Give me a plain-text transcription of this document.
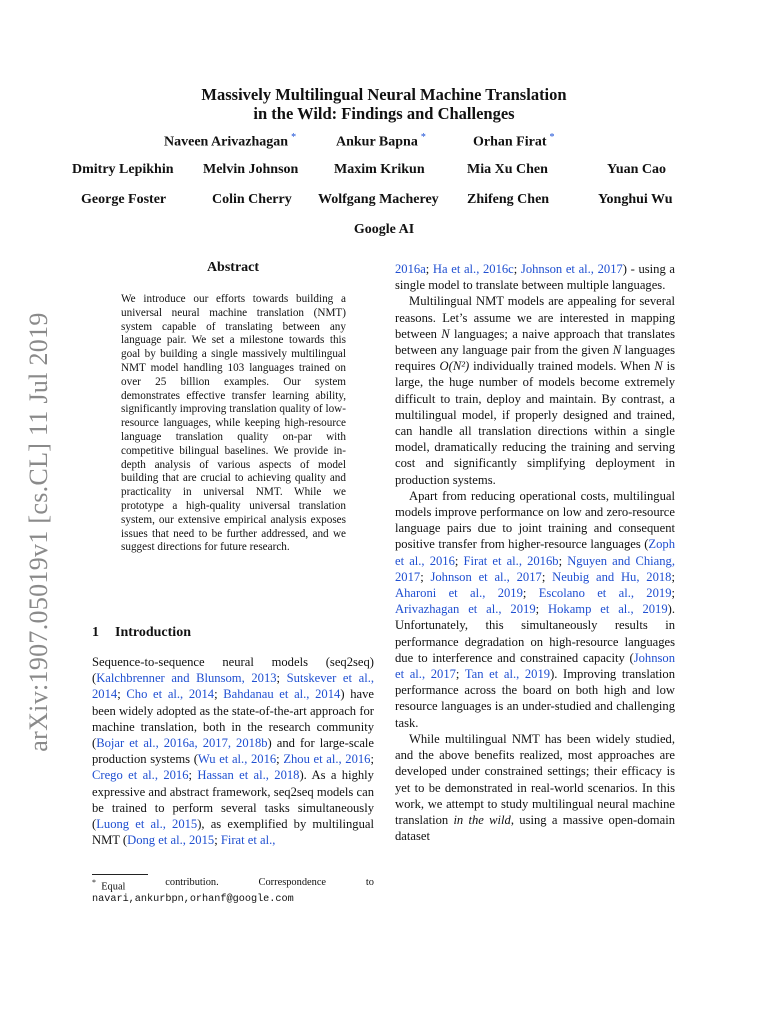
arXiv:1907.05019v1 [cs.CL] 11 Jul 2019
Massively Multilingual Neural Machine Translation
in the Wild: Findings and Challenges
Naveen Arivazhagan *	Ankur Bapna *	Orhan Firat *
Dmitry Lepikhin Melvin Johnson	Maxim Krikun	Mia Xu Chen	Yuan Cao
George Foster	Colin Cherry Wolfgang Macherey Zhifeng Chen	Yonghui Wu
Google AI
Abstract
We introduce our efforts towards building a universal neural machine translation (NMT) system capable of translating between any language pair. We set a milestone towards this goal by building a single massively multilingual NMT model handling 103 languages trained on over 25 billion examples. Our system demonstrates effective transfer learning ability, significantly improving translation quality of low-resource languages, while keeping high-resource language translation quality on-par with competitive bilingual baselines. We provide in-depth analysis of various aspects of model building that are crucial to achieving quality and practicality in universal NMT. While we prototype a high-quality universal translation system, our extensive empirical analysis exposes issues that need to be further addressed, and we suggest directions for future research.
1 Introduction

Sequence-to-sequence neural models (seq2seq) (Kalchbrenner and Blunsom, 2013; Sutskever et al., 2014; Cho et al., 2014; Bahdanau et al., 2014) have been widely adopted as the state-of-the-art approach for machine translation, both in the research community (Bojar et al., 2016a, 2017, 2018b) and for large-scale production systems (Wu et al., 2016; Zhou et al., 2016; Crego et al., 2016; Hassan et al., 2018). As a highly expressive and abstract framework, seq2seq models can be trained to perform several tasks simultaneously (Luong et al., 2015), as exemplified by multilingual NMT (Dong et al., 2015; Firat et al.,

* Equal	contribution.	Correspondence	to
navari,ankurbpn,orhanf@google.com

2016a; Ha et al., 2016c; Johnson et al., 2017) - using a single model to translate between multiple languages.

Multilingual NMT models are appealing for several reasons. Let’s assume we are interested in mapping between N languages; a naive approach that translates between any language pair from the given N languages requires O(N²) individually trained models. When N is large, the huge number of models become extremely difficult to train, deploy and maintain. By contrast, a multilingual model, if properly designed and trained, can handle all translation directions within a single model, dramatically reducing the training and serving cost and significantly simplifying deployment in production systems.

Apart from reducing operational costs, multilingual models improve performance on low and zero-resource language pairs due to joint training and consequent positive transfer from higher-resource languages (Zoph et al., 2016; Firat et al., 2016b; Nguyen and Chiang, 2017; Johnson et al., 2017; Neubig and Hu, 2018; Aharoni et al., 2019; Escolano et al., 2019; Arivazhagan et al., 2019; Hokamp et al., 2019). Unfortunately, this simultaneously results in performance degradation on high-resource languages due to interference and constrained capacity (Johnson et al., 2017; Tan et al., 2019). Improving translation performance across the board on both high and low resource languages is an under-studied and challenging task.

While multilingual NMT has been widely studied, and the above benefits realized, most approaches are developed under constrained settings; their efficacy is yet to be demonstrated in real-world scenarios. In this work, we attempt to study multilingual neural machine translation in the wild, using a massive open-domain dataset
